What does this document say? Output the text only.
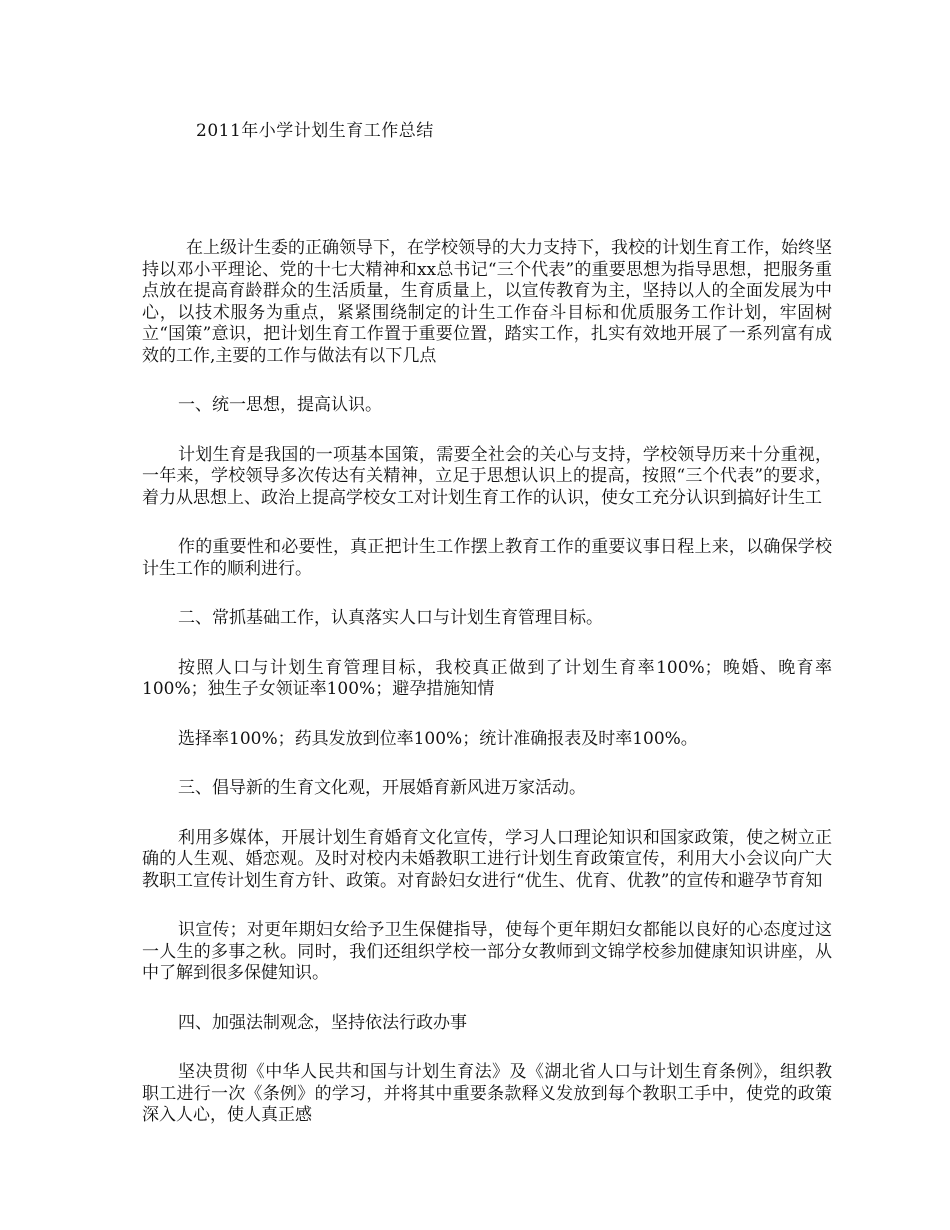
2011年小学计划生育工作总结

在上级计生委的正确领导下，在学校领导的大力支持下，我校的计划生育工作，始终坚持以邓小平理论、党的十七大精神和xx总书记“三个代表”的重要思想为指导思想，把服务重点放在提高育龄群众的生活质量，生育质量上，以宣传教育为主，坚持以人的全面发展为中心，以技术服务为重点，紧紧围绕制定的计生工作奋斗目标和优质服务工作计划，牢固树立“国策”意识，把计划生育工作置于重要位置，踏实工作，扎实有效地开展了一系列富有成效的工作,主要的工作与做法有以下几点

一、统一思想，提高认识。

计划生育是我国的一项基本国策，需要全社会的关心与支持，学校领导历来十分重视，一年来，学校领导多次传达有关精神，立足于思想认识上的提高，按照“三个代表”的要求，着力从思想上、政治上提高学校女工对计划生育工作的认识，使女工充分认识到搞好计生工

作的重要性和必要性，真正把计生工作摆上教育工作的重要议事日程上来，以确保学校计生工作的顺利进行。

二、常抓基础工作，认真落实人口与计划生育管理目标。

按照人口与计划生育管理目标，我校真正做到了计划生育率100%；晚婚、晚育率100%；独生子女领证率100%；避孕措施知情

选择率100%；药具发放到位率100%；统计准确报表及时率100%。

三、倡导新的生育文化观，开展婚育新风进万家活动。

利用多媒体，开展计划生育婚育文化宣传，学习人口理论知识和国家政策，使之树立正确的人生观、婚恋观。及时对校内未婚教职工进行计划生育政策宣传，利用大小会议向广大教职工宣传计划生育方针、政策。对育龄妇女进行“优生、优育、优教”的宣传和避孕节育知

识宣传；对更年期妇女给予卫生保健指导，使每个更年期妇女都能以良好的心态度过这一人生的多事之秋。同时，我们还组织学校一部分女教师到文锦学校参加健康知识讲座，从中了解到很多保健知识。

四、加强法制观念，坚持依法行政办事

坚决贯彻《中华人民共和国与计划生育法》及《湖北省人口与计划生育条例》，组织教职工进行一次《条例》的学习，并将其中重要条款释义发放到每个教职工手中，使党的政策深入人心，使人真正感
